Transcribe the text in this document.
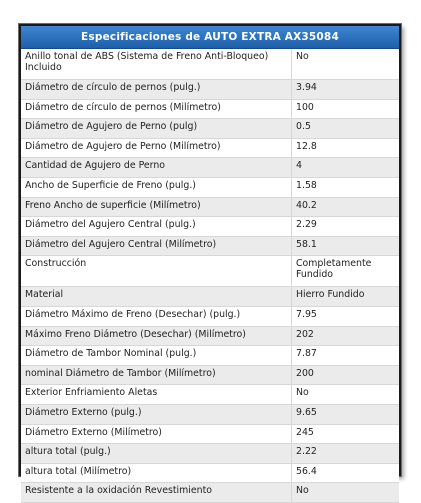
Especificaciones de AUTO EXTRA AX35084
Anillo tonal de ABS (Sistema de Freno Anti-Bloqueo) Incluido	No
Diámetro de círculo de pernos (pulg.)	3.94
Diámetro de círculo de pernos (Milímetro)	100
Diámetro de Agujero de Perno (pulg)	0.5
Diámetro de Agujero de Perno (Milímetro)	12.8
Cantidad de Agujero de Perno	4
Ancho de Superficie de Freno (pulg.)	1.58
Freno Ancho de superficie (Milímetro)	40.2
Diámetro del Agujero Central (pulg.)	2.29
Diámetro del Agujero Central (Milímetro)	58.1
Construcción	Completamente Fundido
Material	Hierro Fundido
Diámetro Máximo de Freno (Desechar) (pulg.)	7.95
Máximo Freno Diámetro (Desechar) (Milímetro)	202
Diámetro de Tambor Nominal (pulg.)	7.87
nominal Diámetro de Tambor (Milímetro)	200
Exterior Enfriamiento Aletas	No
Diámetro Externo (pulg.)	9.65
Diámetro Externo (Milímetro)	245
altura total (pulg.)	2.22
altura total (Milímetro)	56.4
Resistente a la oxidación Revestimiento	No
